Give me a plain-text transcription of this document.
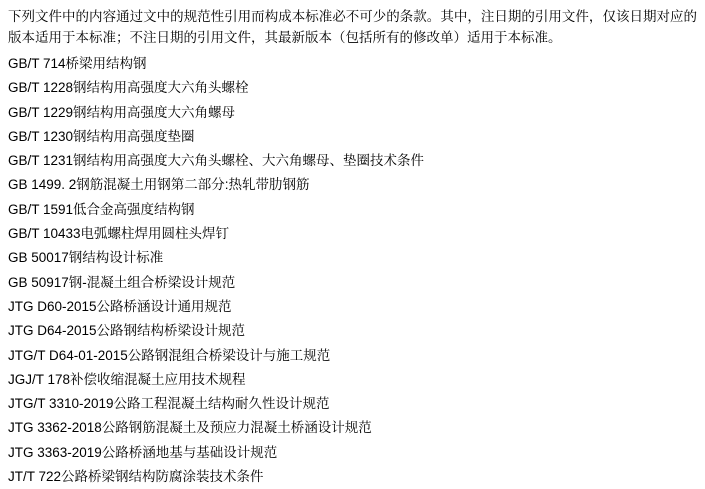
下列文件中的内容通过文中的规范性引用而构成本标准必不可少的条款。其中，注日期的引用文件，仅该日期对应的版本适用于本标准；不注日期的引用文件，其最新版本（包括所有的修改单）适用于本标准。

GB/T 714桥梁用结构钢
GB/T 1228钢结构用高强度大六角头螺栓
GB/T 1229钢结构用高强度大六角螺母
GB/T 1230钢结构用高强度垫圈
GB/T 1231钢结构用高强度大六角头螺栓、大六角螺母、垫圈技术条件
GB 1499. 2钢筋混凝土用钢第二部分:热轧带肋钢筋
GB/T 1591低合金高强度结构钢
GB/T 10433电弧螺柱焊用圆柱头焊钉
GB 50017钢结构设计标准
GB 50917钢-混凝土组合桥梁设计规范
JTG D60-2015公路桥涵设计通用规范
JTG D64-2015公路钢结构桥梁设计规范
JTG/T D64-01-2015公路钢混组合桥梁设计与施工规范
JGJ/T 178补偿收缩混凝土应用技术规程
JTG/T 3310-2019公路工程混凝土结构耐久性设计规范
JTG 3362-2018公路钢筋混凝土及预应力混凝土桥涵设计规范
JTG 3363-2019公路桥涵地基与基础设计规范
JT/T 722公路桥梁钢结构防腐涂装技术条件
